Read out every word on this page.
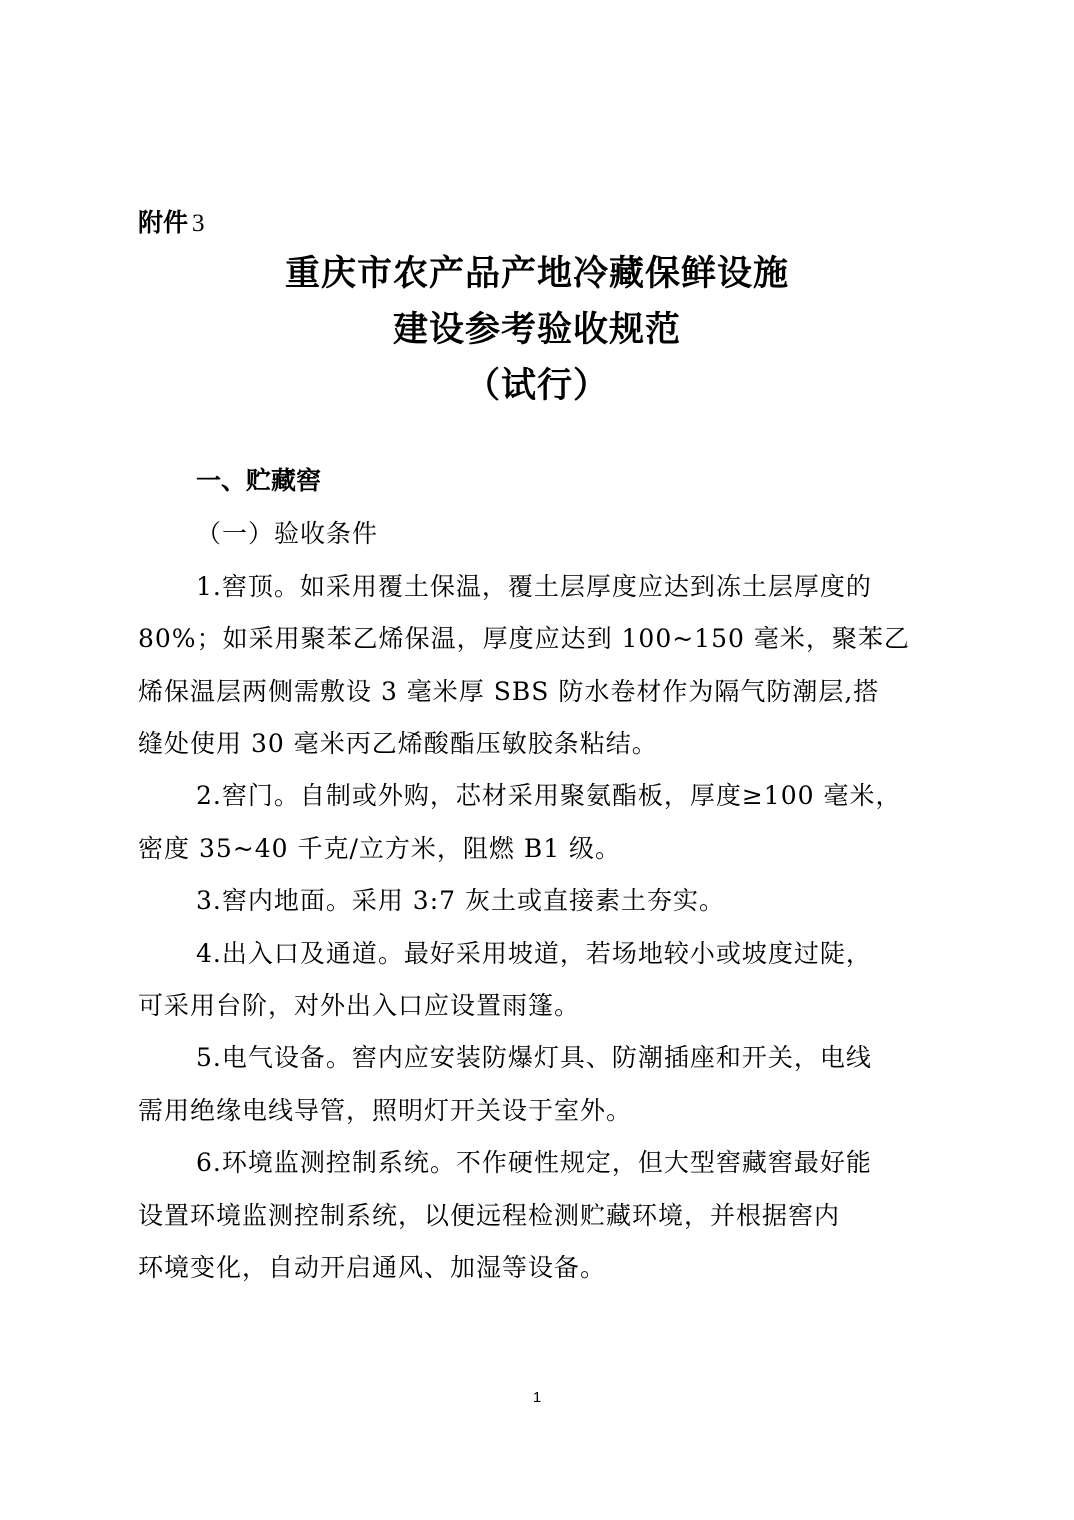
附件 3
重庆市农产品产地冷藏保鲜设施
建设参考验收规范
（试行）
一、贮藏窖
（一）验收条件
1.窖顶。如采用覆土保温，覆土层厚度应达到冻土层厚度的
80%；如采用聚苯乙烯保温，厚度应达到 100~150 毫米，聚苯乙
烯保温层两侧需敷设 3 毫米厚 SBS 防水卷材作为隔气防潮层,搭
缝处使用 30 毫米丙乙烯酸酯压敏胶条粘结。
2.窖门。自制或外购，芯材采用聚氨酯板，厚度≥100 毫米，
密度 35~40 千克/立方米，阻燃 B1 级。
3.窖内地面。采用 3:7 灰土或直接素土夯实。
4.出入口及通道。最好采用坡道，若场地较小或坡度过陡，
可采用台阶，对外出入口应设置雨篷。
5.电气设备。窖内应安装防爆灯具、防潮插座和开关，电线
需用绝缘电线导管，照明灯开关设于室外。
6.环境监测控制系统。不作硬性规定，但大型窖藏窖最好能
设置环境监测控制系统，以便远程检测贮藏环境，并根据窖内
环境变化，自动开启通风、加湿等设备。
1
